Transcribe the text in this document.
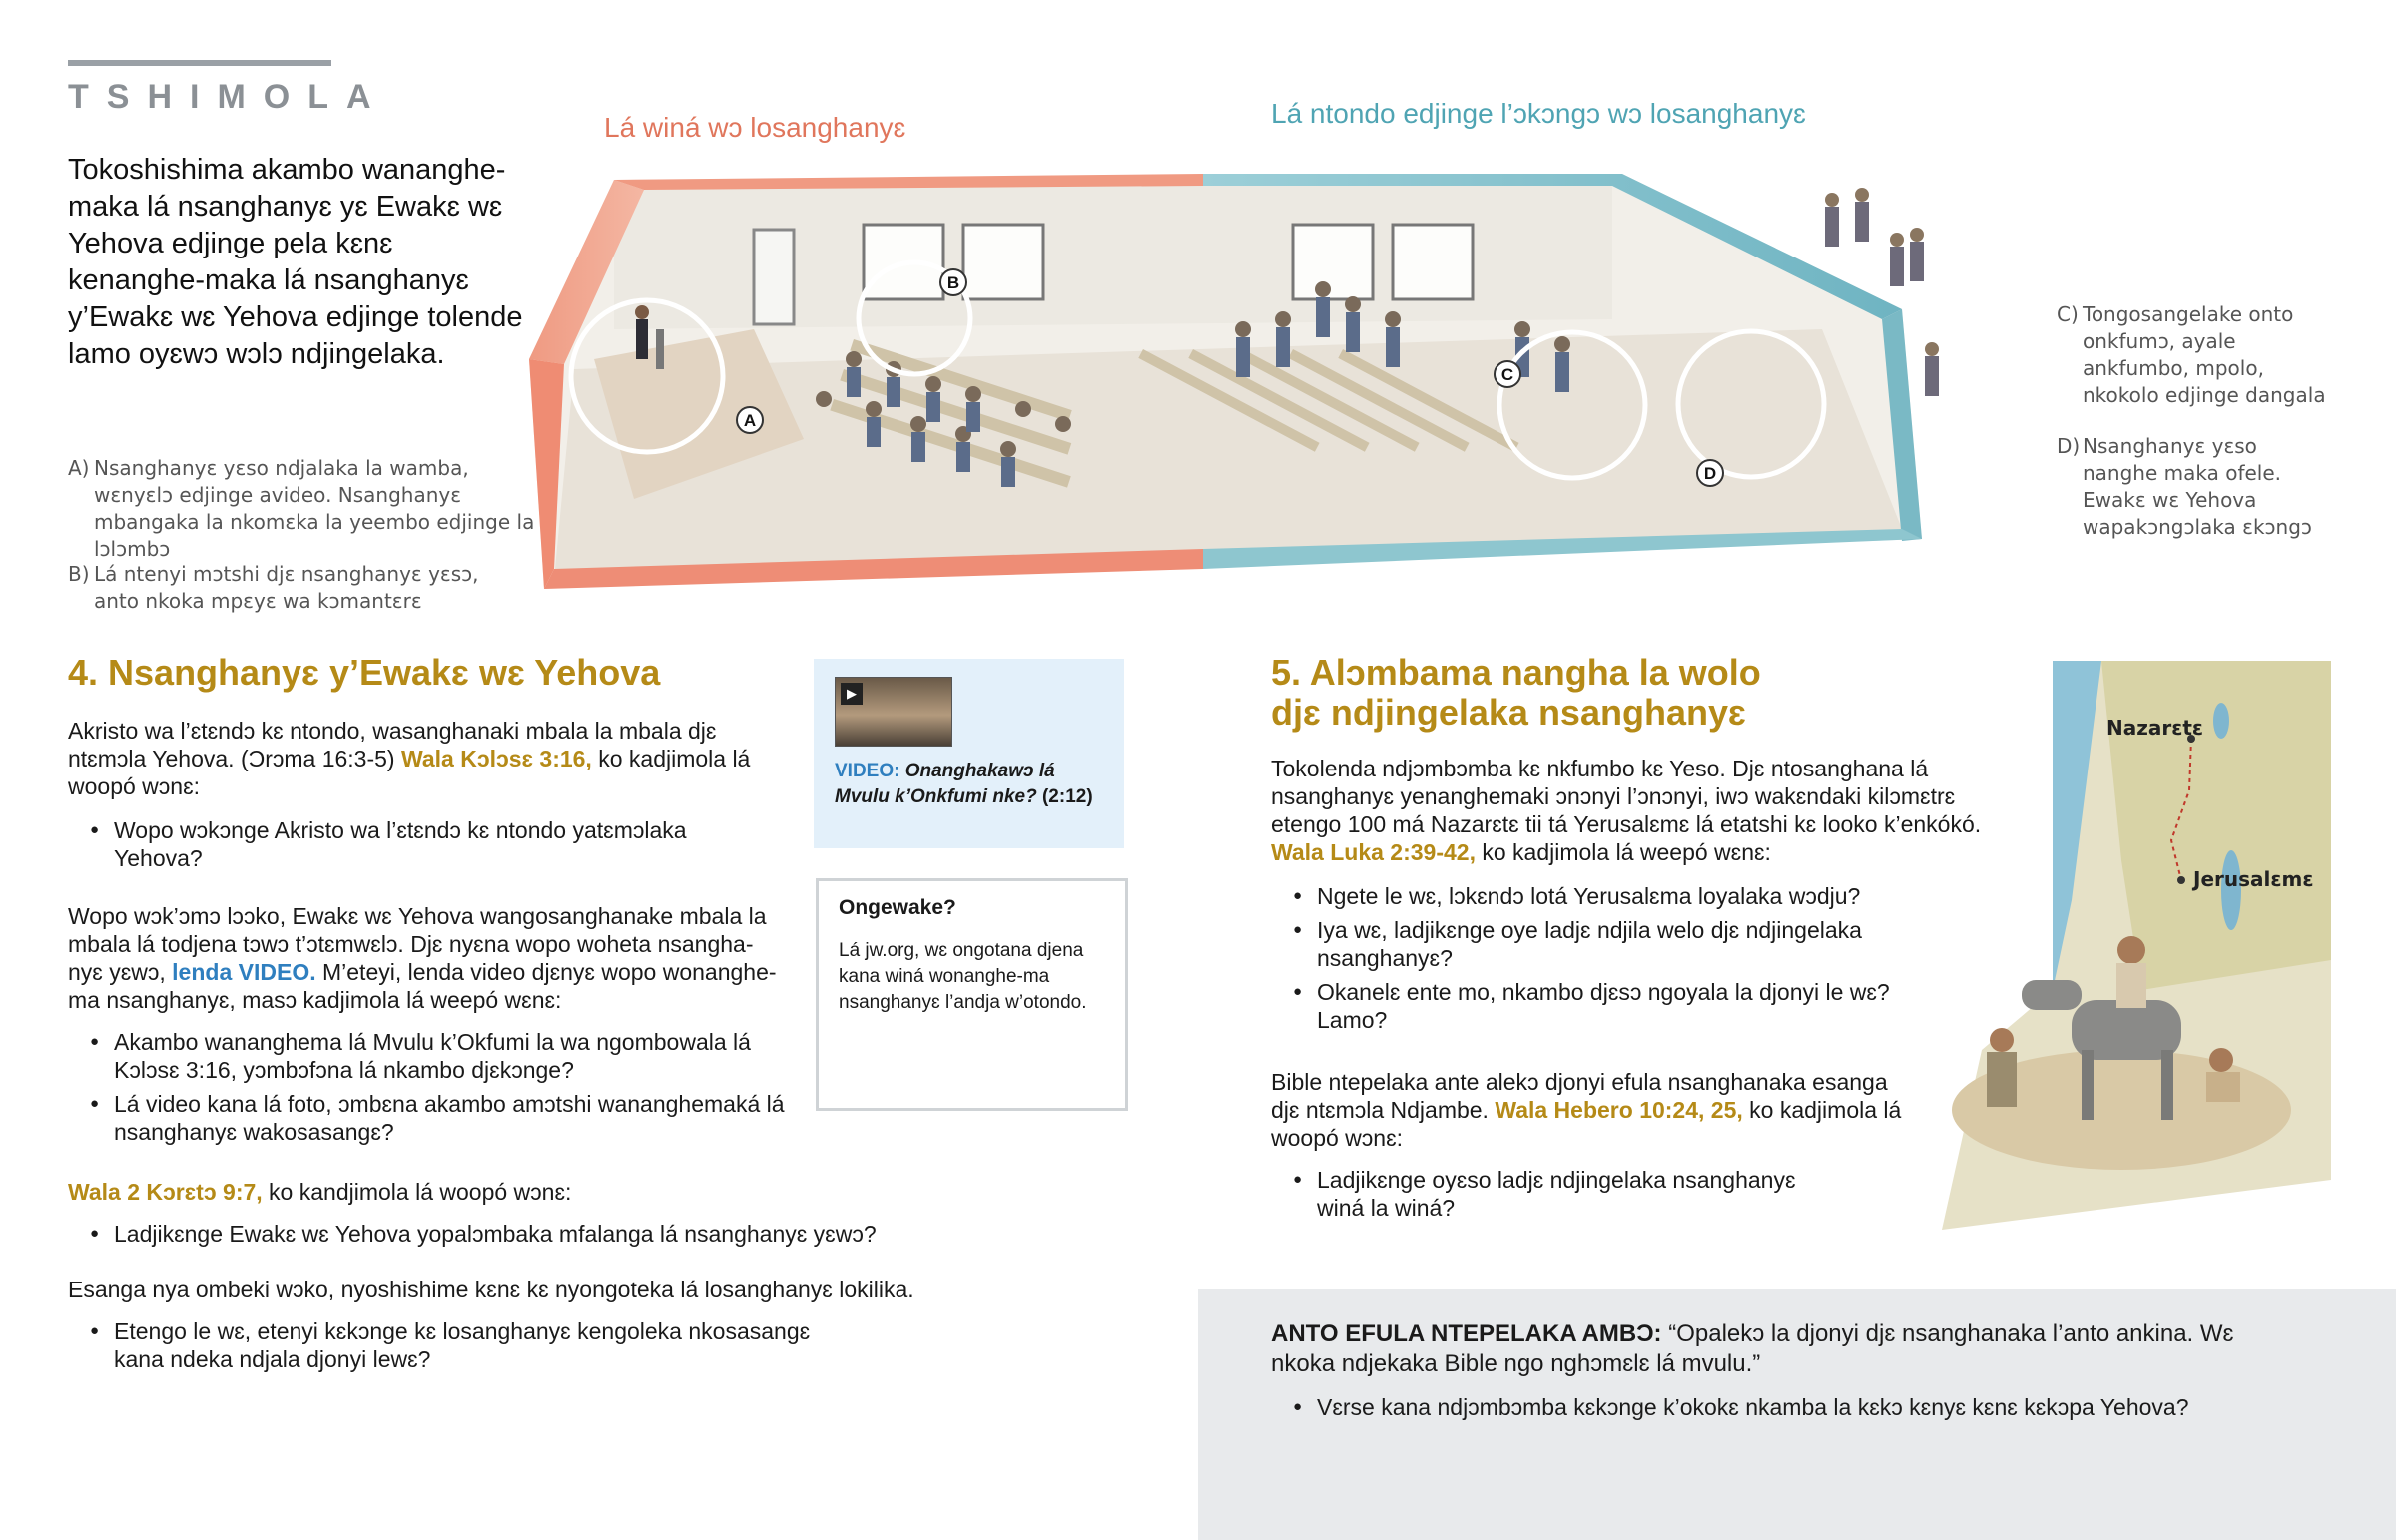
TSHIMOLA
Tokoshishima akambo wananghe-maka lá nsanghanyɛ yɛ Ewakɛ wɛ Yehova edjinge pela kɛnɛ kenanghe-maka lá nsanghanyɛ y’Ewakɛ wɛ Yehova edjinge tolende lamo oyɛwɔ wɔlɔ ndjingelaka.
Lá winá wɔ losanghanyɛ	Lá ntondo edjinge l’ɔkɔngɔ wɔ losanghanyɛ
A
B
C
D

A) Nsanghanyɛ yɛso ndjalaka la wamba, wɛnyɛlɔ edjinge avideo. Nsanghanyɛ mbangaka la nkomɛka la yeembo edjinge la lɔlɔmbɔ

B) Lá ntenyi mɔtshi djɛ nsanghanyɛ yɛsɔ, anto nkoka mpɛyɛ wa kɔmantɛrɛ

C) Tongosangelake onto onkfumɔ, ayale ankfumbo, mpolo, nkokolo edjinge dangala

D) Nsanghanyɛ yɛso nanghe maka ofele. Ewakɛ wɛ Yehova wapakɔngɔlaka ɛkɔngɔ

4. Nsanghanyɛ y’Ewakɛ wɛ Yehova
Akristo wa l’ɛtɛndɔ kɛ ntondo, wasanghanaki mbala la mbala djɛ ntɛmɔla Yehova. (Ɔrɔma 16:3-5) Wala Kɔlɔsɛ 3:16, ko kadjimola lá woopó wɔnɛ:
● Wopo wɔkɔnge Akristo wa l’ɛtɛndɔ kɛ ntondo yatɛmɔlaka Yehova?
Wopo wɔk’ɔmɔ lɔɔko, Ewakɛ wɛ Yehova wangosanghanake mbala la mbala lá todjena tɔwɔ t’ɔtɛmwɛlɔ. Djɛ nyɛna wopo woheta nsangha-nyɛ yɛwɔ, lenda VIDEO. M’eteyi, lenda video djɛnyɛ wopo wonanghe-ma nsanghanyɛ, masɔ kadjimola lá weepó wɛnɛ:
● Akambo wananghema lá Mvulu k’Okfumi la wa ngombowala lá Kɔlɔsɛ 3:16, yɔmbɔfɔna lá nkambo djɛkɔnge?
● Lá video kana lá foto, ɔmbɛna akambo amɔtshi wananghemaká lá nsanghanyɛ wakosasangɛ?
Wala 2 Kɔrɛtɔ 9:7, ko kandjimola lá woopó wɔnɛ:
● Ladjikɛnge Ewakɛ wɛ Yehova yopalɔmbaka mfalanga lá nsanghanyɛ yɛwɔ?
Esanga nya ombeki wɔko, nyoshishime kɛnɛ kɛ nyongoteka lá losanghanyɛ lokilika.
● Etengo le wɛ, etenyi kɛkɔnge kɛ losanghanyɛ kengoleka nkosasangɛ kana ndeka ndjala djonyi lewɛ?
▶
VIDEO: Onanghakawɔ lá Mvulu k’Onkfumi nke? (2:12)
Ongewake?
Lá jw.org, wɛ ongotana djena kana winá wonanghe-ma nsanghanyɛ l’andja w’otondo.
5. Alɔmbama nangha la wolo
djɛ ndjingelaka nsanghanyɛ
Tokolenda ndjɔmbɔmba kɛ nkfumbo kɛ Yeso. Djɛ ntosanghana lá nsanghanyɛ yenanghemaki ɔnɔnyi l’ɔnɔnyi, iwɔ wakɛndaki kilɔmɛtrɛ etengo 100 má Nazarɛtɛ tii tá Yerusalɛmɛ lá etatshi kɛ looko k’enkókó. Wala Luka 2:39-42, ko kadjimola lá weepó wɛnɛ:
● Ngete le wɛ, lɔkɛndɔ lotá Yerusalɛma loyalaka wɔdju?
● Iya wɛ, ladjikɛnge oye ladjɛ ndjila welo djɛ ndjingelaka nsanghanyɛ?
● Okanelɛ ente mo, nkambo djɛsɔ ngoyala la djonyi le wɛ? Lamo?
Bible ntepelaka ante alekɔ djonyi efula nsanghanaka esanga djɛ ntɛmɔla Ndjambe. Wala Hebero 10:24, 25, ko kadjimola lá woopó wɔnɛ:
● Ladjikɛnge oyɛso ladjɛ ndjingelaka nsanghanyɛ winá la winá?
Nazarɛtɛ
Jerusalɛmɛ
ANTO EFULA NTEPELAKA AMBƆ: “Opalekɔ la djonyi djɛ nsanghanaka l’anto ankina. Wɛ nkoka ndjekaka Bible ngo nghɔmɛlɛ lá mvulu.”
● Vɛrse kana ndjɔmbɔmba kɛkɔnge k’okokɛ nkamba la kɛkɔ kɛnyɛ kɛnɛ kɛkɔpa Yehova?
